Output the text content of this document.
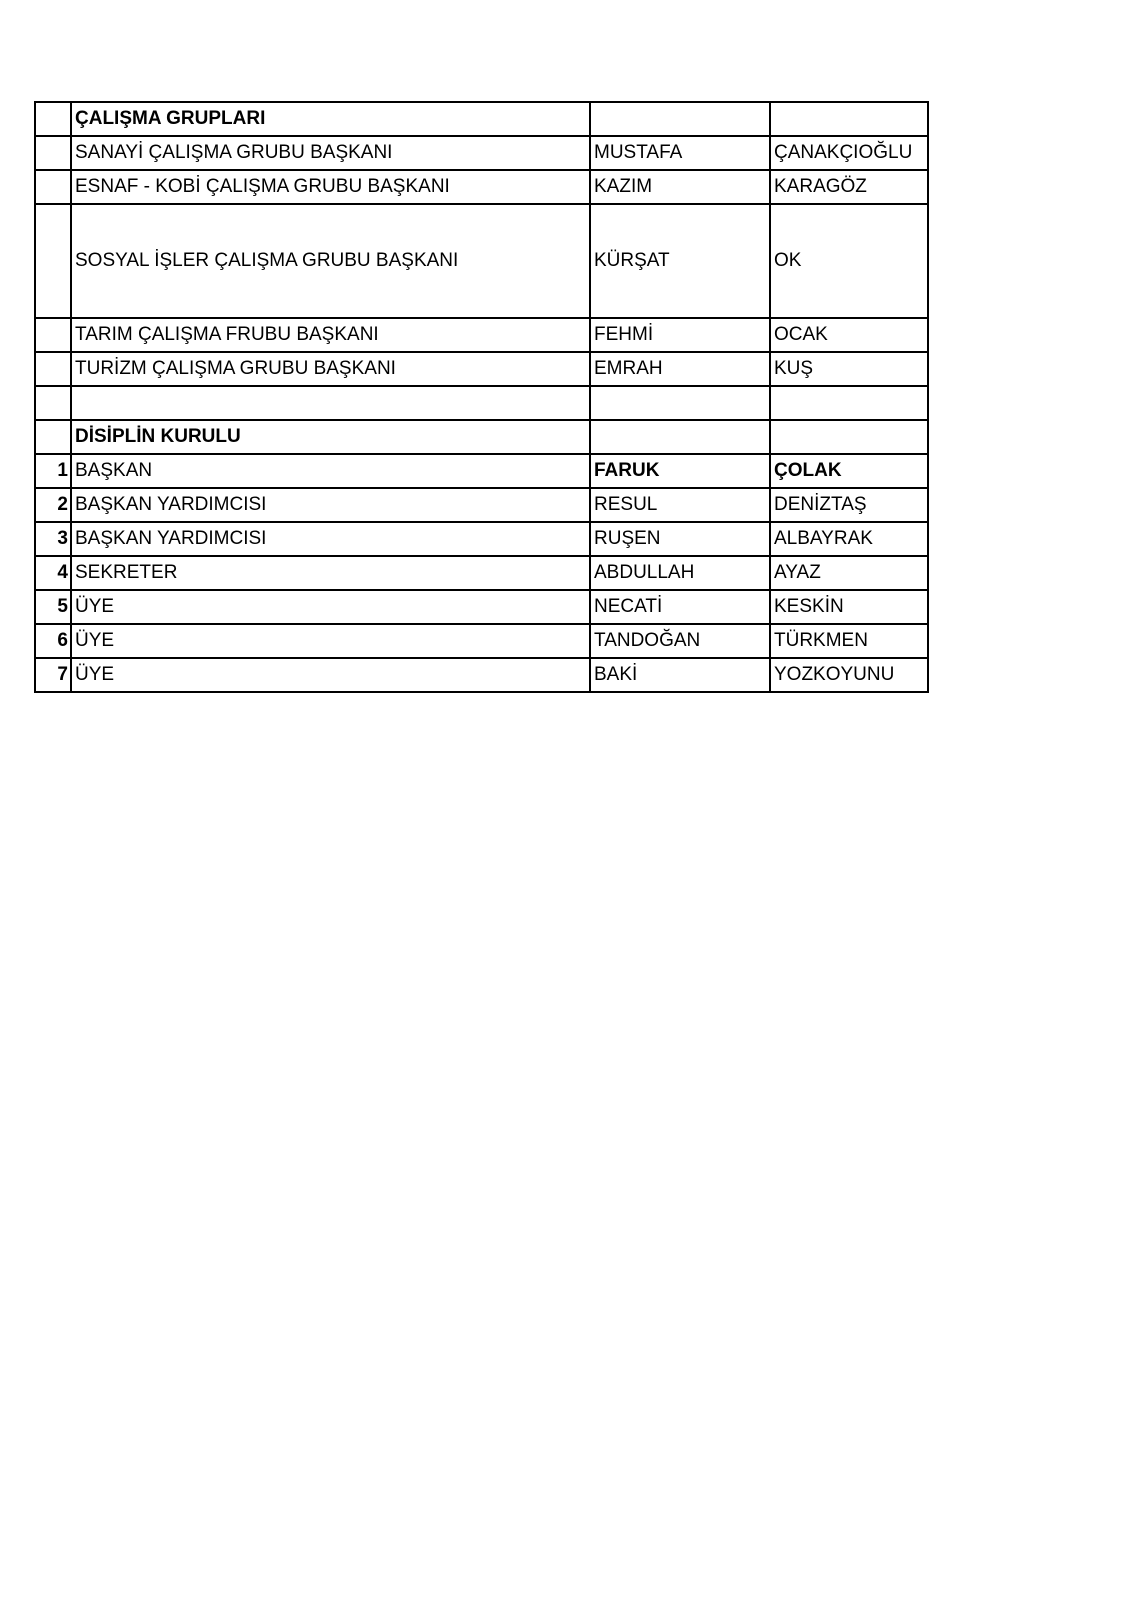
	ÇALIŞMA GRUPLARI		
	SANAYİ ÇALIŞMA GRUBU BAŞKANI	MUSTAFA	ÇANAKÇIOĞLU
	ESNAF - KOBİ ÇALIŞMA GRUBU BAŞKANI	KAZIM	KARAGÖZ
	SOSYAL İŞLER ÇALIŞMA GRUBU BAŞKANI	KÜRŞAT	OK
	TARIM ÇALIŞMA FRUBU BAŞKANI	FEHMİ	OCAK
	TURİZM ÇALIŞMA GRUBU BAŞKANI	EMRAH	KUŞ

	DİSİPLİN KURULU		
1	BAŞKAN	FARUK	ÇOLAK
2	BAŞKAN YARDIMCISI	RESUL	DENİZTAŞ
3	BAŞKAN YARDIMCISI	RUŞEN	ALBAYRAK
4	SEKRETER	ABDULLAH	AYAZ
5	ÜYE	NECATİ	KESKİN
6	ÜYE	TANDOĞAN	TÜRKMEN
7	ÜYE	BAKİ	YOZKOYUNU
